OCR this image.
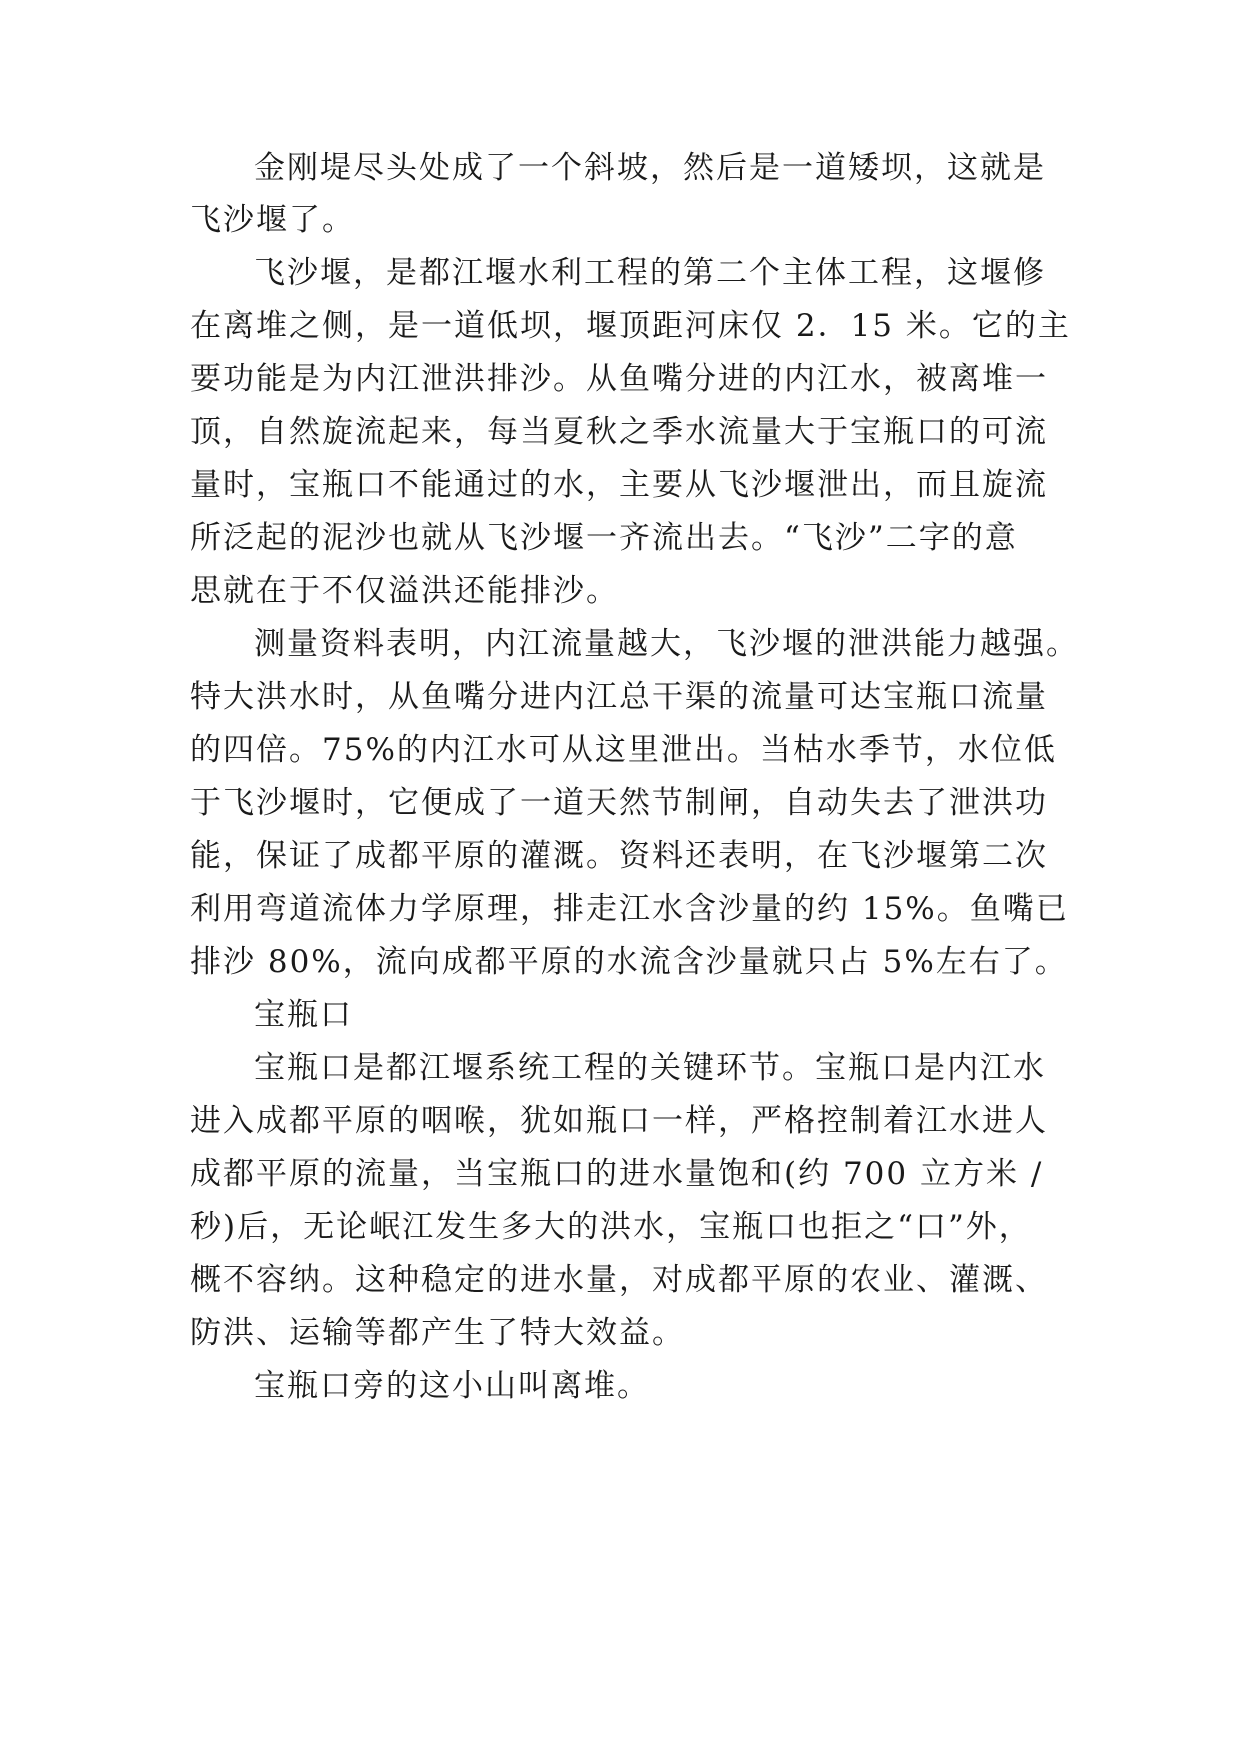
金刚堤尽头处成了一个斜坡，然后是一道矮坝，这就是

飞沙堰了。

飞沙堰，是都江堰水利工程的第二个主体工程，这堰修

在离堆之侧，是一道低坝，堰顶距河床仅 2．15 米。它的主

要功能是为内江泄洪排沙。从鱼嘴分进的内江水，被离堆一

顶，自然旋流起来，每当夏秋之季水流量大于宝瓶口的可流

量时，宝瓶口不能通过的水，主要从飞沙堰泄出，而且旋流

所泛起的泥沙也就从飞沙堰一齐流出去。“飞沙”二字的意

思就在于不仅溢洪还能排沙。

测量资料表明，内江流量越大，飞沙堰的泄洪能力越强。

特大洪水时，从鱼嘴分进内江总干渠的流量可达宝瓶口流量

的四倍。75%的内江水可从这里泄出。当枯水季节，水位低

于飞沙堰时，它便成了一道天然节制闸，自动失去了泄洪功

能，保证了成都平原的灌溉。资料还表明，在飞沙堰第二次

利用弯道流体力学原理，排走江水含沙量的约 15%。鱼嘴已

排沙 80%，流向成都平原的水流含沙量就只占 5%左右了。

宝瓶口

宝瓶口是都江堰系统工程的关键环节。宝瓶口是内江水

进入成都平原的咽喉，犹如瓶口一样，严格控制着江水进人

成都平原的流量，当宝瓶口的进水量饱和(约 700 立方米 /

秒)后，无论岷江发生多大的洪水，宝瓶口也拒之“口”外，

概不容纳。这种稳定的进水量，对成都平原的农业、灌溉、

防洪、运输等都产生了特大效益。

宝瓶口旁的这小山叫离堆。
